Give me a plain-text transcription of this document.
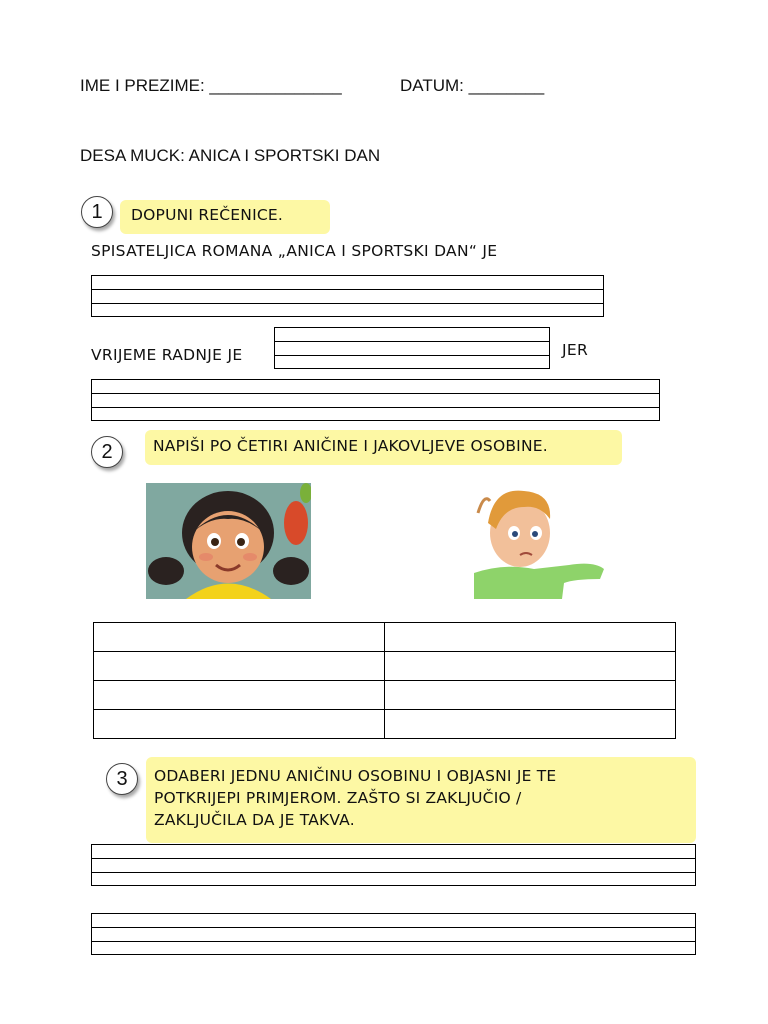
IME I PREZIME: ______________	DATUM: ________
DESA MUCK: ANICA I SPORTSKI DAN
1	DOPUNI REČENICE.
SPISATELJICA ROMANA „ANICA I SPORTSKI DAN“ JE
VRIJEME RADNJE JE	JER
2	NAPIŠI PO ČETIRI ANIČINE I JAKOVLJEVE OSOBINE.

3 ODABERI JEDNU ANIČINU OSOBINU I OBJASNI JE TE
POTKRIJEPI PRIMJEROM. ZAŠTO SI ZAKLJUČIO /
ZAKLJUČILA DA JE TAKVA.
